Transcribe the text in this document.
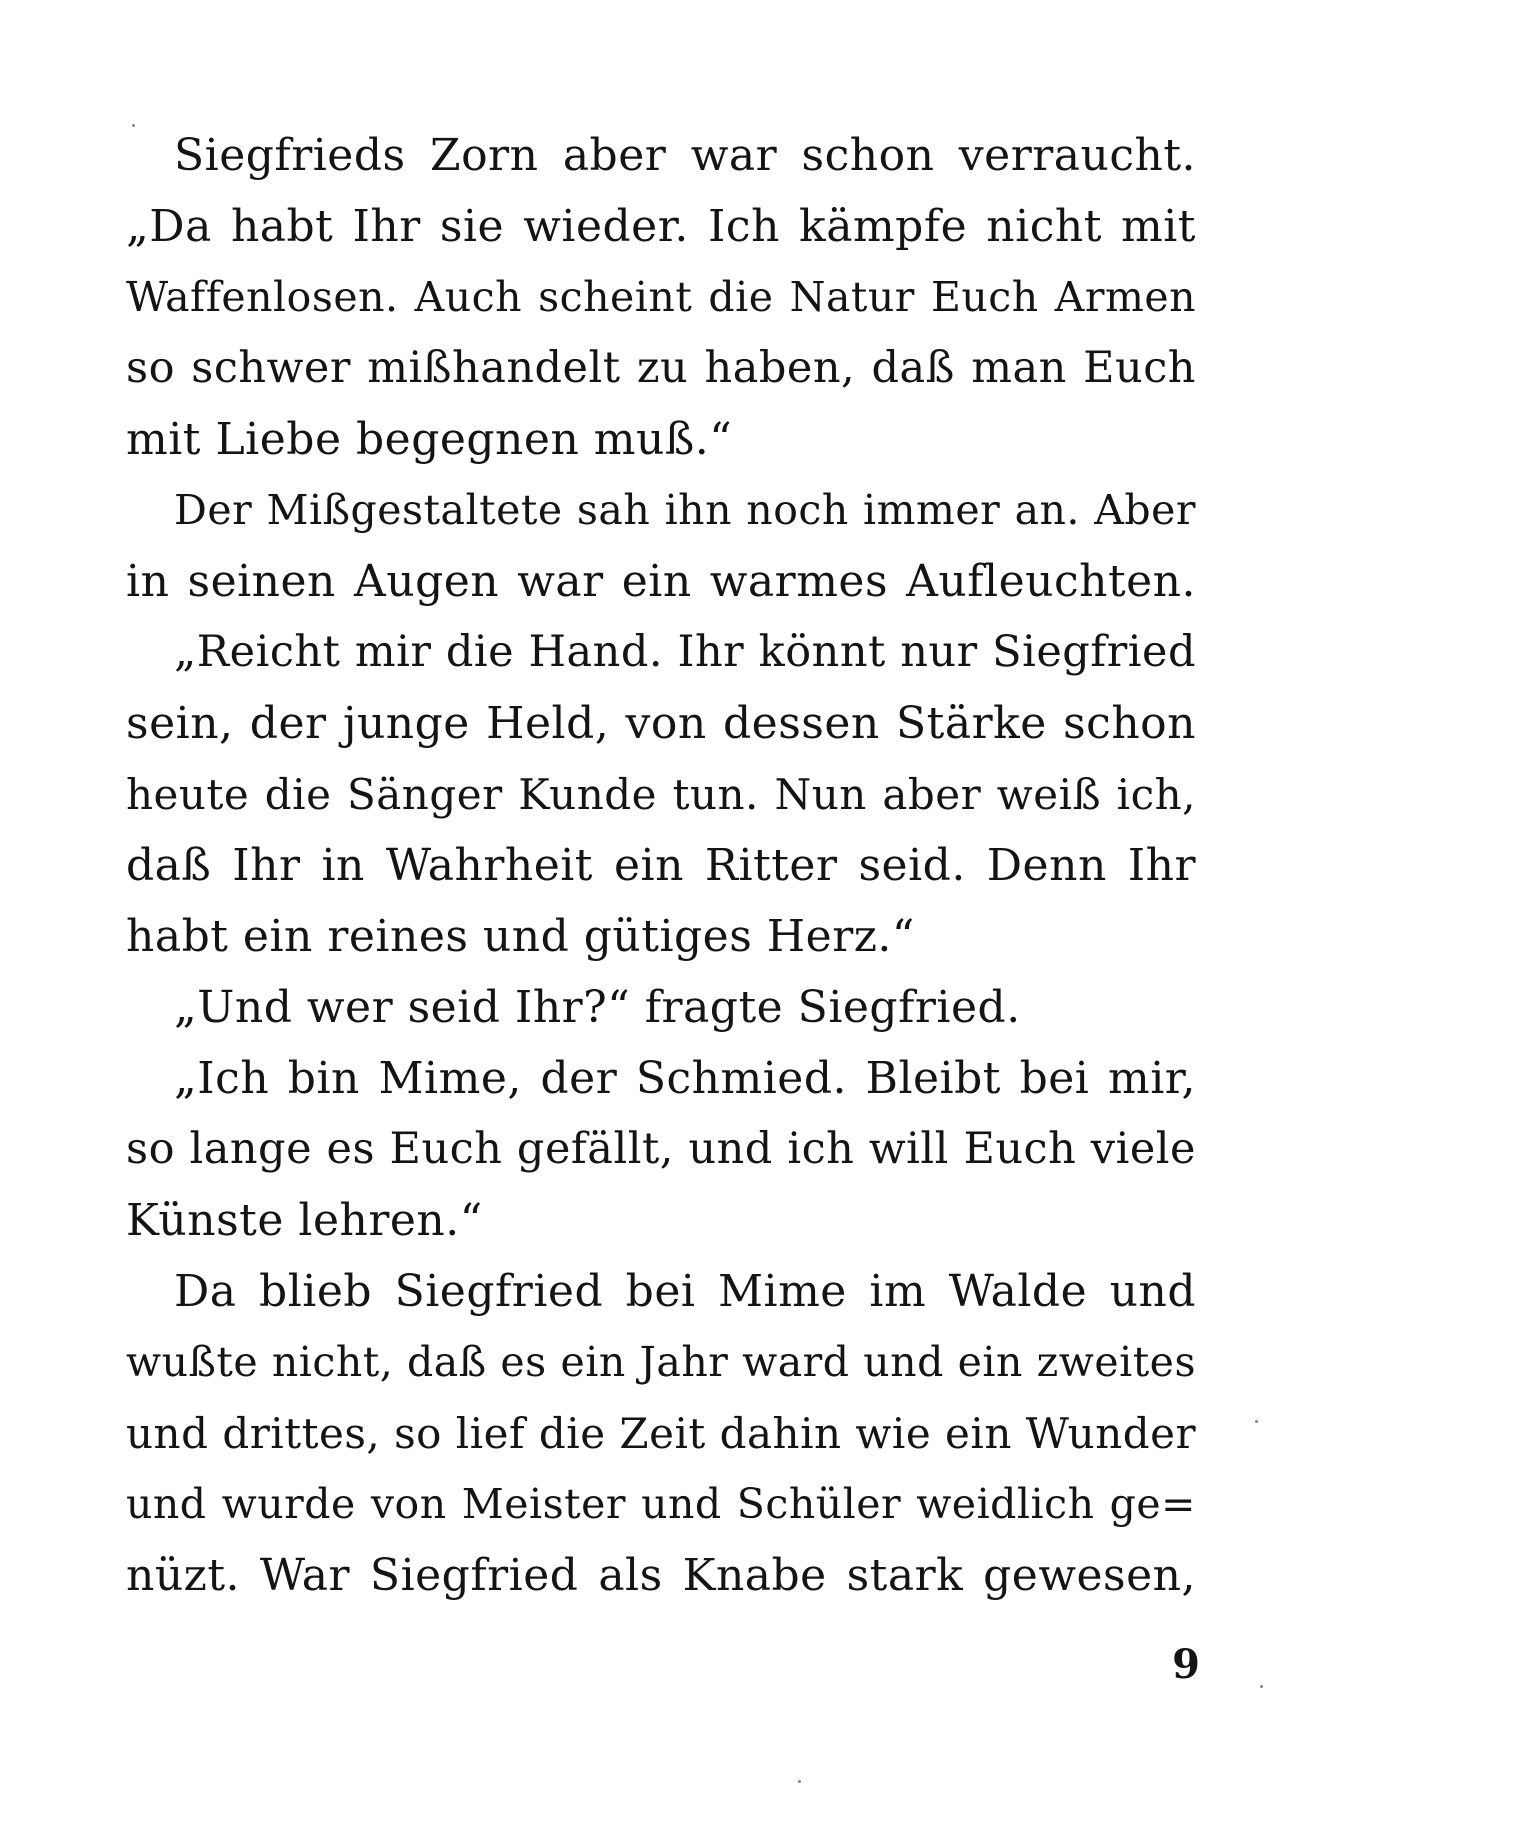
Siegfrieds Zorn aber war schon verraucht.
„Da habt Ihr sie wieder. Ich kämpfe nicht mit
Waffenlosen. Auch scheint die Natur Euch Armen
so schwer mißhandelt zu haben, daß man Euch
mit Liebe begegnen muß.“
Der Mißgestaltete sah ihn noch immer an. Aber
in seinen Augen war ein warmes Aufleuchten.
„Reicht mir die Hand. Ihr könnt nur Siegfried
sein, der junge Held, von dessen Stärke schon
heute die Sänger Kunde tun. Nun aber weiß ich,
daß Ihr in Wahrheit ein Ritter seid. Denn Ihr
habt ein reines und gütiges Herz.“
„Und wer seid Ihr?“ fragte Siegfried.
„Ich bin Mime, der Schmied. Bleibt bei mir,
so lange es Euch gefällt, und ich will Euch viele
Künste lehren.“
Da blieb Siegfried bei Mime im Walde und
wußte nicht, daß es ein Jahr ward und ein zweites
und drittes, so lief die Zeit dahin wie ein Wunder
und wurde von Meister und Schüler weidlich ge=
nüzt. War Siegfried als Knabe stark gewesen,
9
